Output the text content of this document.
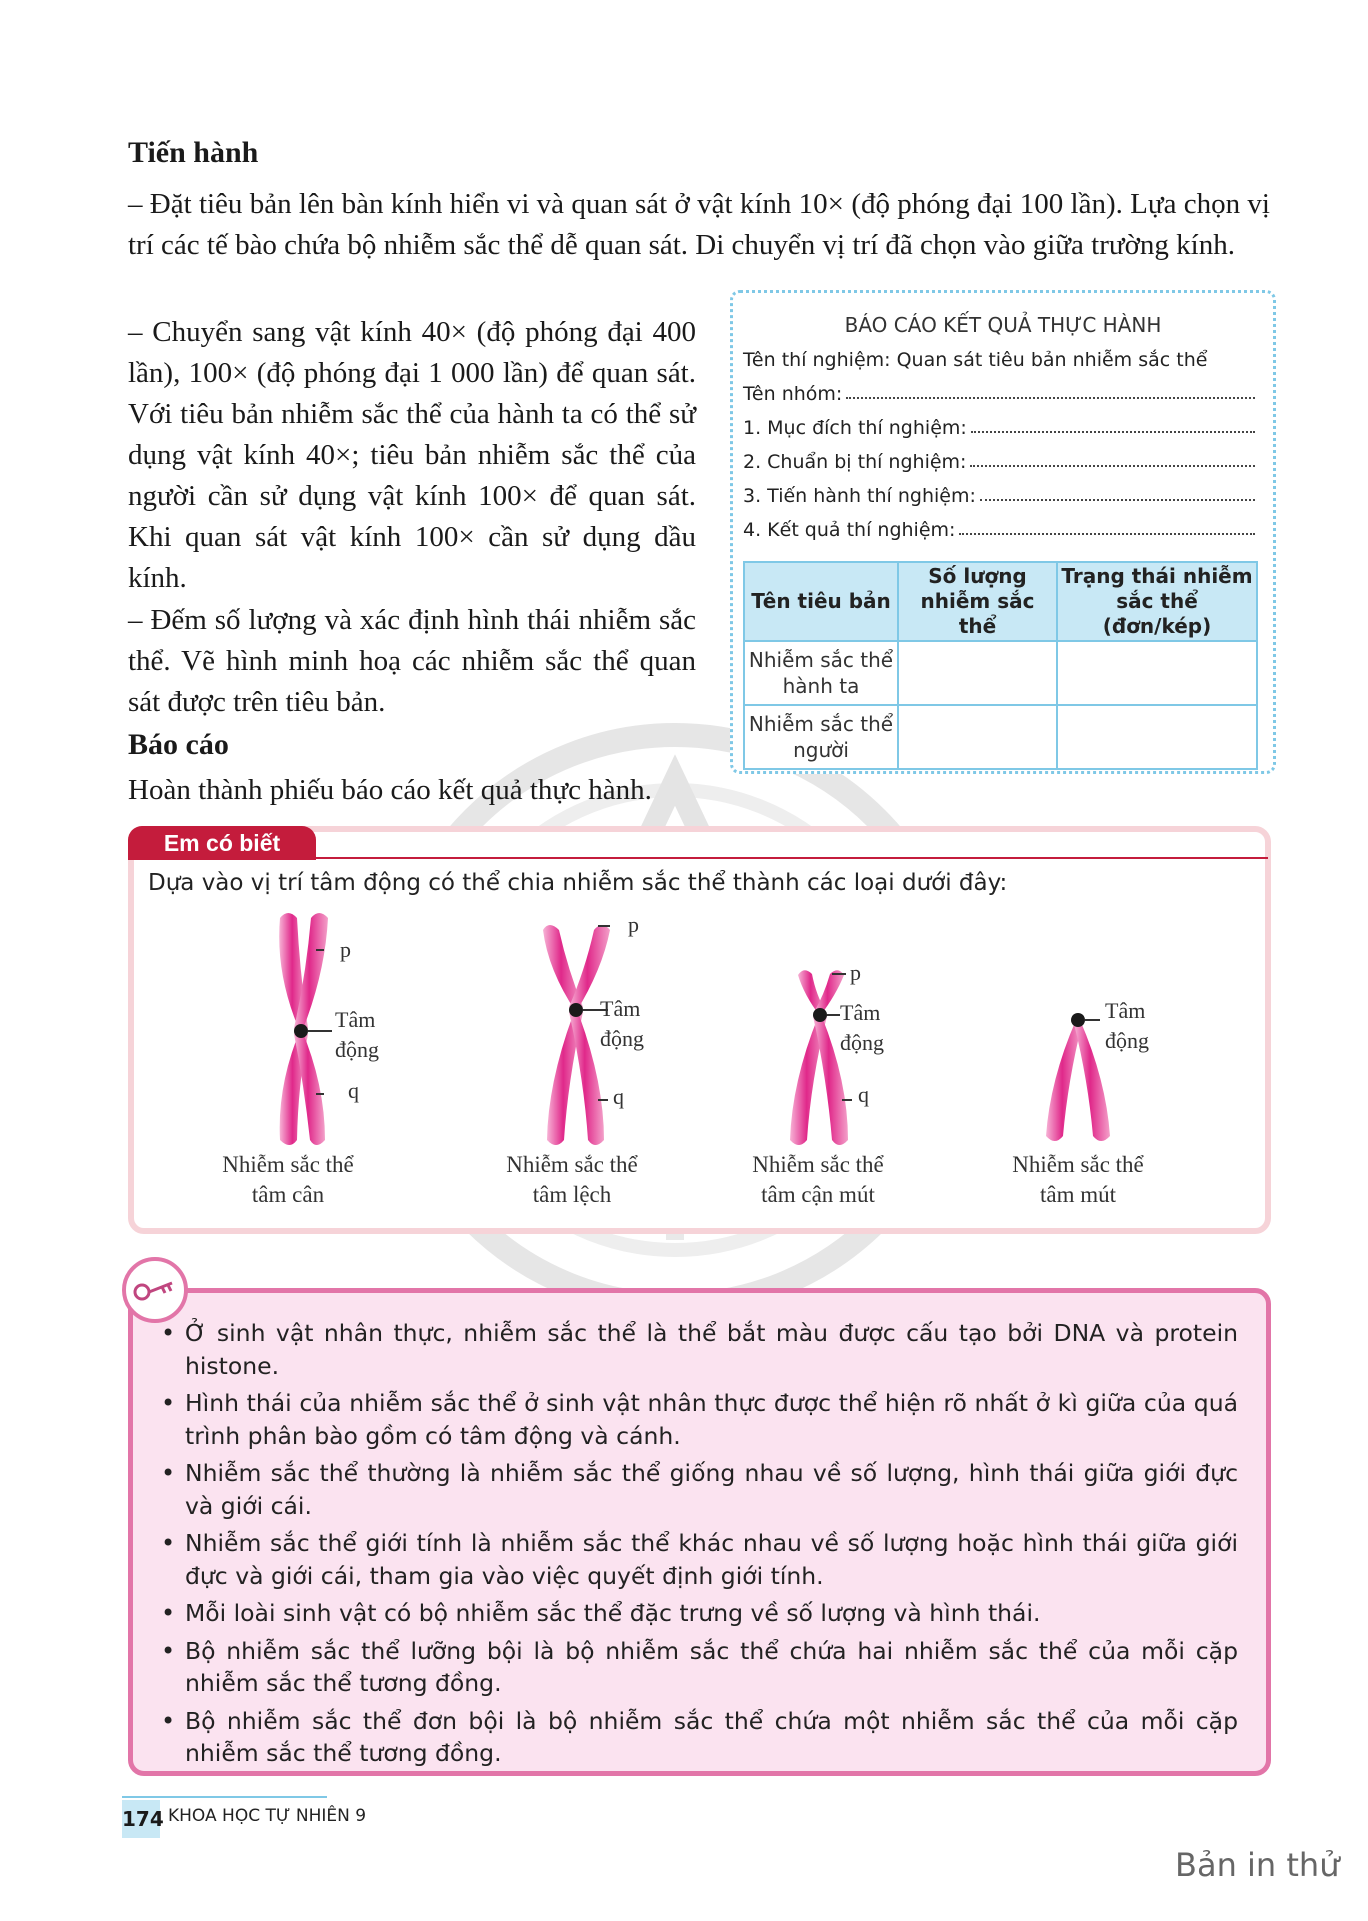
Tiến hành
– Đặt tiêu bản lên bàn kính hiển vi và quan sát ở vật kính 10× (độ phóng đại 100 lần). Lựa chọn vị trí các tế bào chứa bộ nhiễm sắc thể dễ quan sát. Di chuyển vị trí đã chọn vào giữa trường kính.
– Chuyển sang vật kính 40× (độ phóng đại 400 lần), 100× (độ phóng đại 1 000 lần) để quan sát. Với tiêu bản nhiễm sắc thể của hành ta có thể sử dụng vật kính 40×; tiêu bản nhiễm sắc thể của người cần sử dụng vật kính 100× để quan sát. Khi quan sát vật kính 100× cần sử dụng dầu kính.
– Đếm số lượng và xác định hình thái nhiễm sắc thể. Vẽ hình minh hoạ các nhiễm sắc thể quan sát được trên tiêu bản.
Báo cáo
Hoàn thành phiếu báo cáo kết quả thực hành.
BÁO CÁO KẾT QUẢ THỰC HÀNH
Tên thí nghiệm: Quan sát tiêu bản nhiễm sắc thể
Tên nhóm:
1. Mục đích thí nghiệm:
2. Chuẩn bị thí nghiệm:
3. Tiến hành thí nghiệm:
4. Kết quả thí nghiệm:
Tên tiêu bản	Số lượng nhiễm sắc thể	Trạng thái nhiễm sắc thể (đơn/kép)
Nhiễm sắc thể hành ta		
Nhiễm sắc thể người		
Em có biết
Dựa vào vị trí tâm động có thể chia nhiễm sắc thể thành các loại dưới đây:
p
Tâm
động
q
p
Tâm
động
q
p
Tâm
động
q
Tâm
động
Nhiễm sắc thể
tâm cân
Nhiễm sắc thể
tâm lệch
Nhiễm sắc thể
tâm cận mút
Nhiễm sắc thể
tâm mút
• Ở sinh vật nhân thực, nhiễm sắc thể là thể bắt màu được cấu tạo bởi DNA và protein histone.
• Hình thái của nhiễm sắc thể ở sinh vật nhân thực được thể hiện rõ nhất ở kì giữa của quá trình phân bào gồm có tâm động và cánh.
• Nhiễm sắc thể thường là nhiễm sắc thể giống nhau về số lượng, hình thái giữa giới đực và giới cái.
• Nhiễm sắc thể giới tính là nhiễm sắc thể khác nhau về số lượng hoặc hình thái giữa giới đực và giới cái, tham gia vào việc quyết định giới tính.
• Mỗi loài sinh vật có bộ nhiễm sắc thể đặc trưng về số lượng và hình thái.
• Bộ nhiễm sắc thể lưỡng bội là bộ nhiễm sắc thể chứa hai nhiễm sắc thể của mỗi cặp nhiễm sắc thể tương đồng.
• Bộ nhiễm sắc thể đơn bội là bộ nhiễm sắc thể chứa một nhiễm sắc thể của mỗi cặp nhiễm sắc thể tương đồng.
174 KHOA HỌC TỰ NHIÊN 9
Bản in thử
